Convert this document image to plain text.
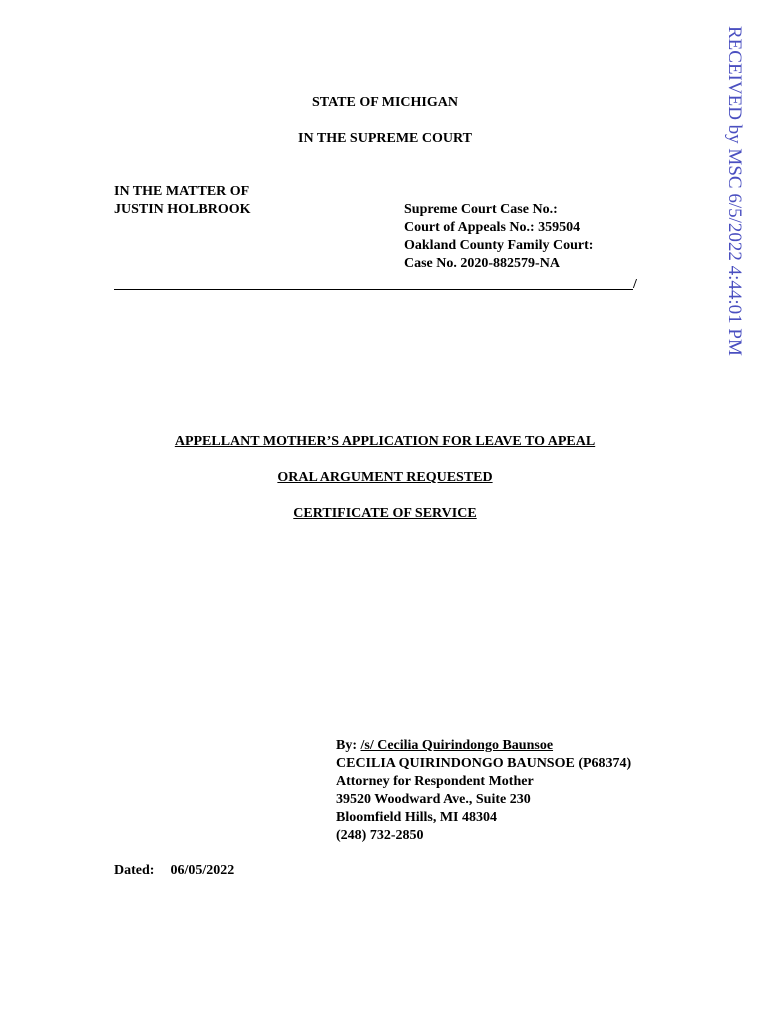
RECEIVED by MSC 6/5/2022 4:44:01 PM
STATE OF MICHIGAN
IN THE SUPREME COURT
IN THE MATTER OF
JUSTIN HOLBROOK	Supreme Court Case No.:
Court of Appeals No.: 359504
Oakland County Family Court:
Case No. 2020-882579-NA
/
APPELLANT MOTHER’S APPLICATION FOR LEAVE TO APEAL
ORAL ARGUMENT REQUESTED
CERTIFICATE OF SERVICE
By: /s/ Cecilia Quirindongo Baunsoe
CECILIA QUIRINDONGO BAUNSOE (P68374)
Attorney for Respondent Mother
39520 Woodward Ave., Suite 230
Bloomfield Hills, MI 48304
(248) 732-2850
Dated: 06/05/2022
